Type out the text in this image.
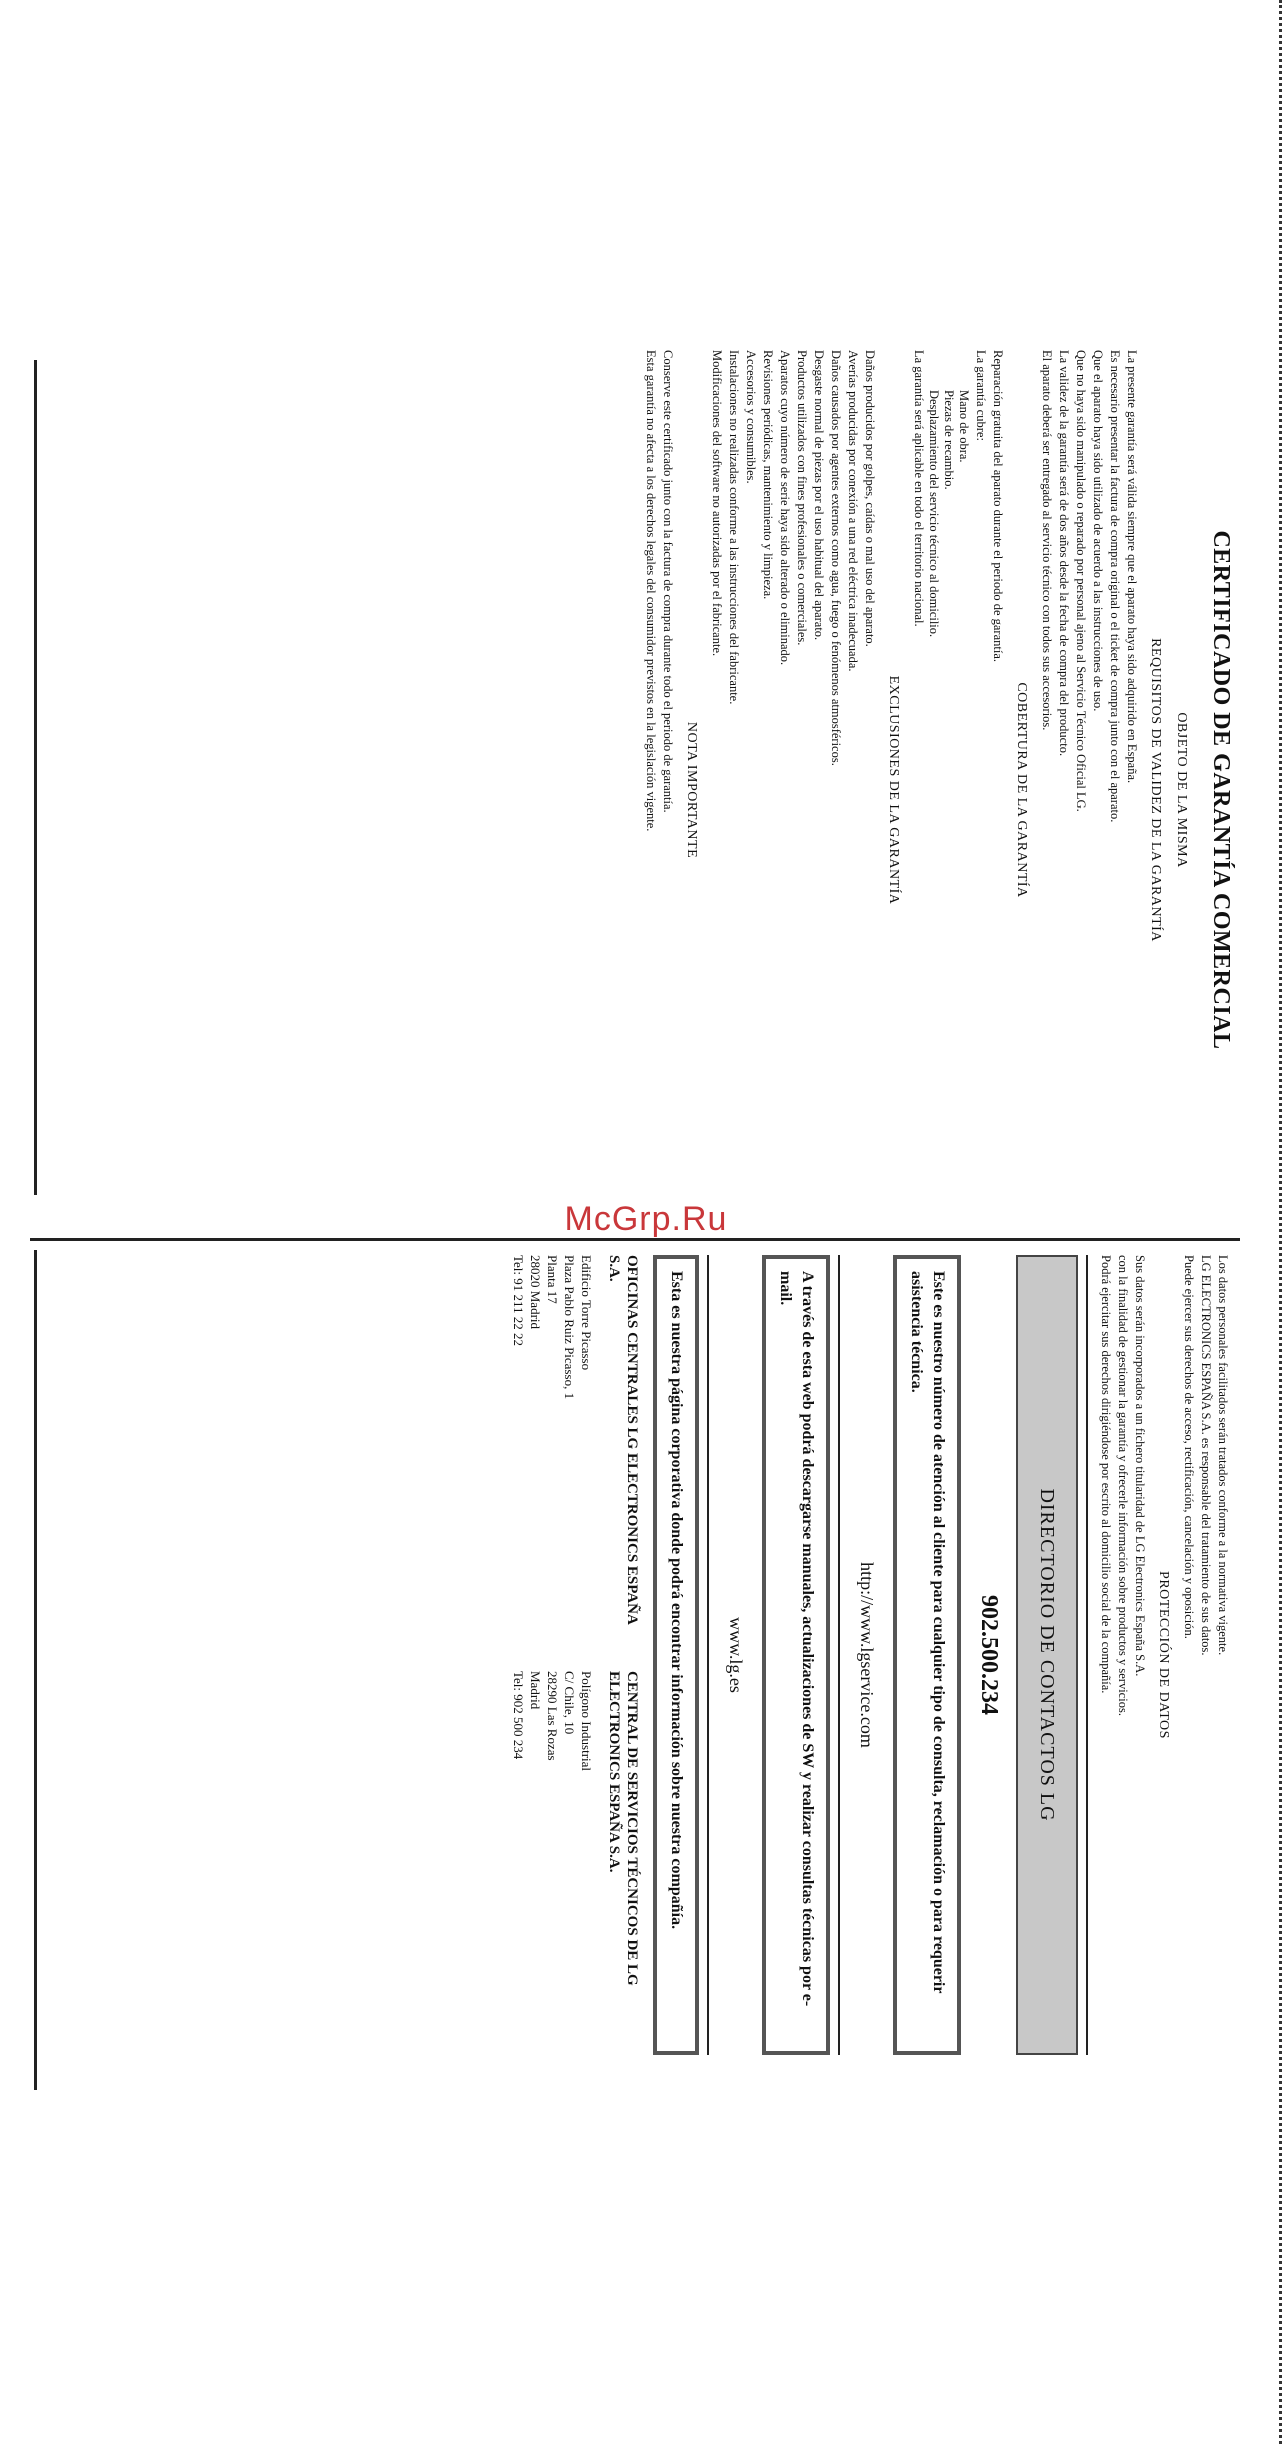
McGrp.Ru
CERTIFICADO DE GARANTÍA COMERCIAL
OBJETO DE LA MISMA
REQUISITOS DE VALIDEZ DE LA GARANTÍA
La presente garantía será válida siempre que el aparato haya sido adquirido en España.
Es necesario presentar la factura de compra original o el ticket de compra junto con el aparato.
Que el aparato haya sido utilizado de acuerdo a las instrucciones de uso.
Que no haya sido manipulado o reparado por personal ajeno al Servicio Técnico Oficial LG.
La validez de la garantía será de dos años desde la fecha de compra del producto.
El aparato deberá ser entregado al servicio técnico con todos sus accesorios.
COBERTURA DE LA GARANTÍA
Reparación gratuita del aparato durante el periodo de garantía.
La garantía cubre:
Mano de obra.
Piezas de recambio.
Desplazamiento del servicio técnico al domicilio.
La garantía será aplicable en todo el territorio nacional.
EXCLUSIONES DE LA GARANTÍA
Daños producidos por golpes, caídas o mal uso del aparato.
Averías producidas por conexión a una red eléctrica inadecuada.
Daños causados por agentes externos como agua, fuego o fenómenos atmosféricos.
Desgaste normal de piezas por el uso habitual del aparato.
Productos utilizados con fines profesionales o comerciales.
Aparatos cuyo número de serie haya sido alterado o eliminado.
Revisiones periódicas, mantenimiento y limpieza.
Accesorios y consumibles.
Instalaciones no realizadas conforme a las instrucciones del fabricante.
Modificaciones del software no autorizadas por el fabricante.
NOTA IMPORTANTE
Conserve este certificado junto con la factura de compra durante todo el periodo de garantía.
Esta garantía no afecta a los derechos legales del consumidor previstos en la legislación vigente.
Los datos personales facilitados serán tratados conforme a la normativa vigente.
LG ELECTRONICS ESPAÑA S.A. es responsable del tratamiento de sus datos.
Puede ejercer sus derechos de acceso, rectificación, cancelación y oposición.
PROTECCIÓN DE DATOS
Sus datos serán incorporados a un fichero titularidad de LG Electronics España S.A.
con la finalidad de gestionar la garantía y ofrecerle información sobre productos y servicios.
Podrá ejercitar sus derechos dirigiéndose por escrito al domicilio social de la compañía.
DIRECTORIO DE CONTACTOS LG
902.500.234
Este es nuestro número de atención al cliente para cualquier tipo de consulta, reclamación o para requerir asistencia técnica.
http://www.lgservice.com
A través de esta web podrá descargarse manuales, actualizaciones de SW y realizar consultas técnicas por e-mail.
www.lg.es
Esta es nuestra página corporativa donde podrá encontrar información sobre nuestra compañía.
OFICINAS CENTRALES LG ELECTRONICS ESPAÑA S.A.
Edificio Torre Picasso
Plaza Pablo Ruiz Picasso, 1
Planta 17
28020 Madrid
Tel: 91 211 22 22
CENTRAL DE SERVICIOS TÉCNICOS DE LG ELECTRONICS ESPAÑA S.A.
Polígono Industrial
C/ Chile, 10
28290 Las Rozas
Madrid
Tel: 902 500 234
